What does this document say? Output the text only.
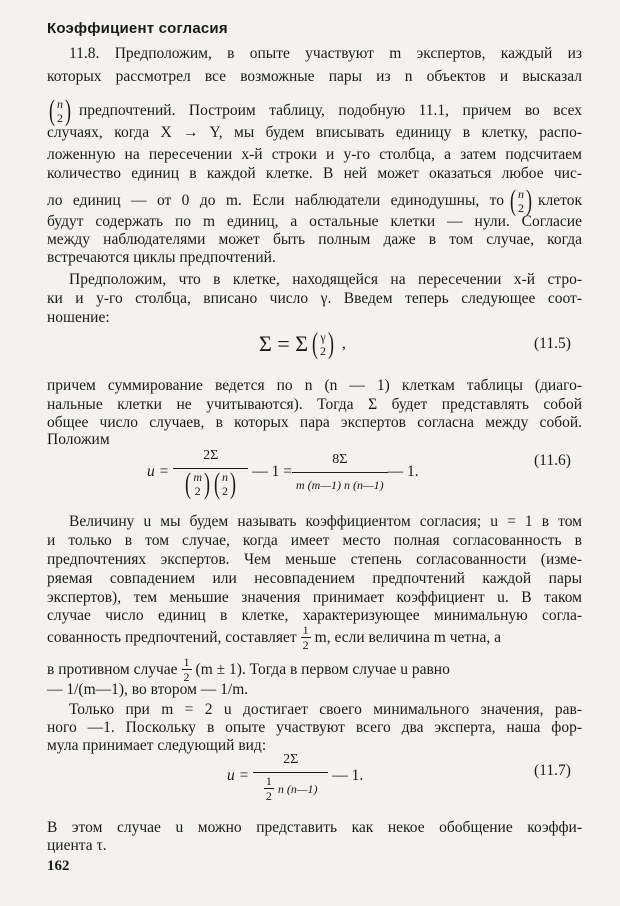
Коэффициент согласия
11.8. Предположим, в опыте участвуют m экспертов, каждый из
которых рассмотрел все возможные пары из n объектов и высказал
( n
2 ) предпочтений. Построим таблицу, подобную 11.1, причем во всех
случаях, когда X → Y, мы будем вписывать единицу в клетку, распо-
ложенную на пересечении x-й строки и y-го столбца, а затем подсчитаем
количество единиц в каждой клетке. В ней может оказаться любое чис-
ло единиц — от 0 до m. Если наблюдатели единодушны, то ( n
2 ) клеток
будут содержать по m единиц, а остальные клетки — нули. Согласие
между наблюдателями может быть полным даже в том случае, когда
встречаются циклы предпочтений.
Предположим, что в клетке, находящейся на пересечении x-й стро-
ки и y-го столбца, вписано число γ. Введем теперь следующее соот-
ношение:
Σ = Σ ( γ
2 ) ,	(11.5)
причем суммирование ведется по n (n — 1) клеткам таблицы (диаго-
нальные клетки не учитываются). Тогда Σ будет представлять собой
общее число случаев, в которых пара экспертов согласна между собой.
Положим
u = 2Σ
( m
2 ) ( n
2 ) — $1 = \frac{8\Sigma}{m (m—1) n (n—1)}$ — 1.
(11.6)
Величину u мы будем называть коэффициентом согласия; u = 1 в том
и только в том случае, когда имеет место полная согласованность в
предпочтениях экспертов. Чем меньше степень согласованности (изме-
ряемая совпадением или несовпадением предпочтений каждой пары
экспертов), тем меньшие значения принимает коэффициент u. В таком
случае число единиц в клетке, характеризующее минимальную согла-
сованность предпочтений, составляет $\frac{1}{2} m$, если величина m четна, а
в противном случае $\frac{1}{2} (m \pm 1)$. Тогда в первом случае u равно
— 1/(m—1), во втором — 1/m.
Только при m = 2 u достигает своего минимального значения, рав-
ного —1. Поскольку в опыте участвуют всего два эксперта, наша фор-
мула принимает следующий вид:
$u = \frac{2\Sigma}{\frac{1}{2} n (n—1)}$ — 1.	(11.7)
В этом случае u можно представить как некое обобщение коэффи-
циента τ.
162
